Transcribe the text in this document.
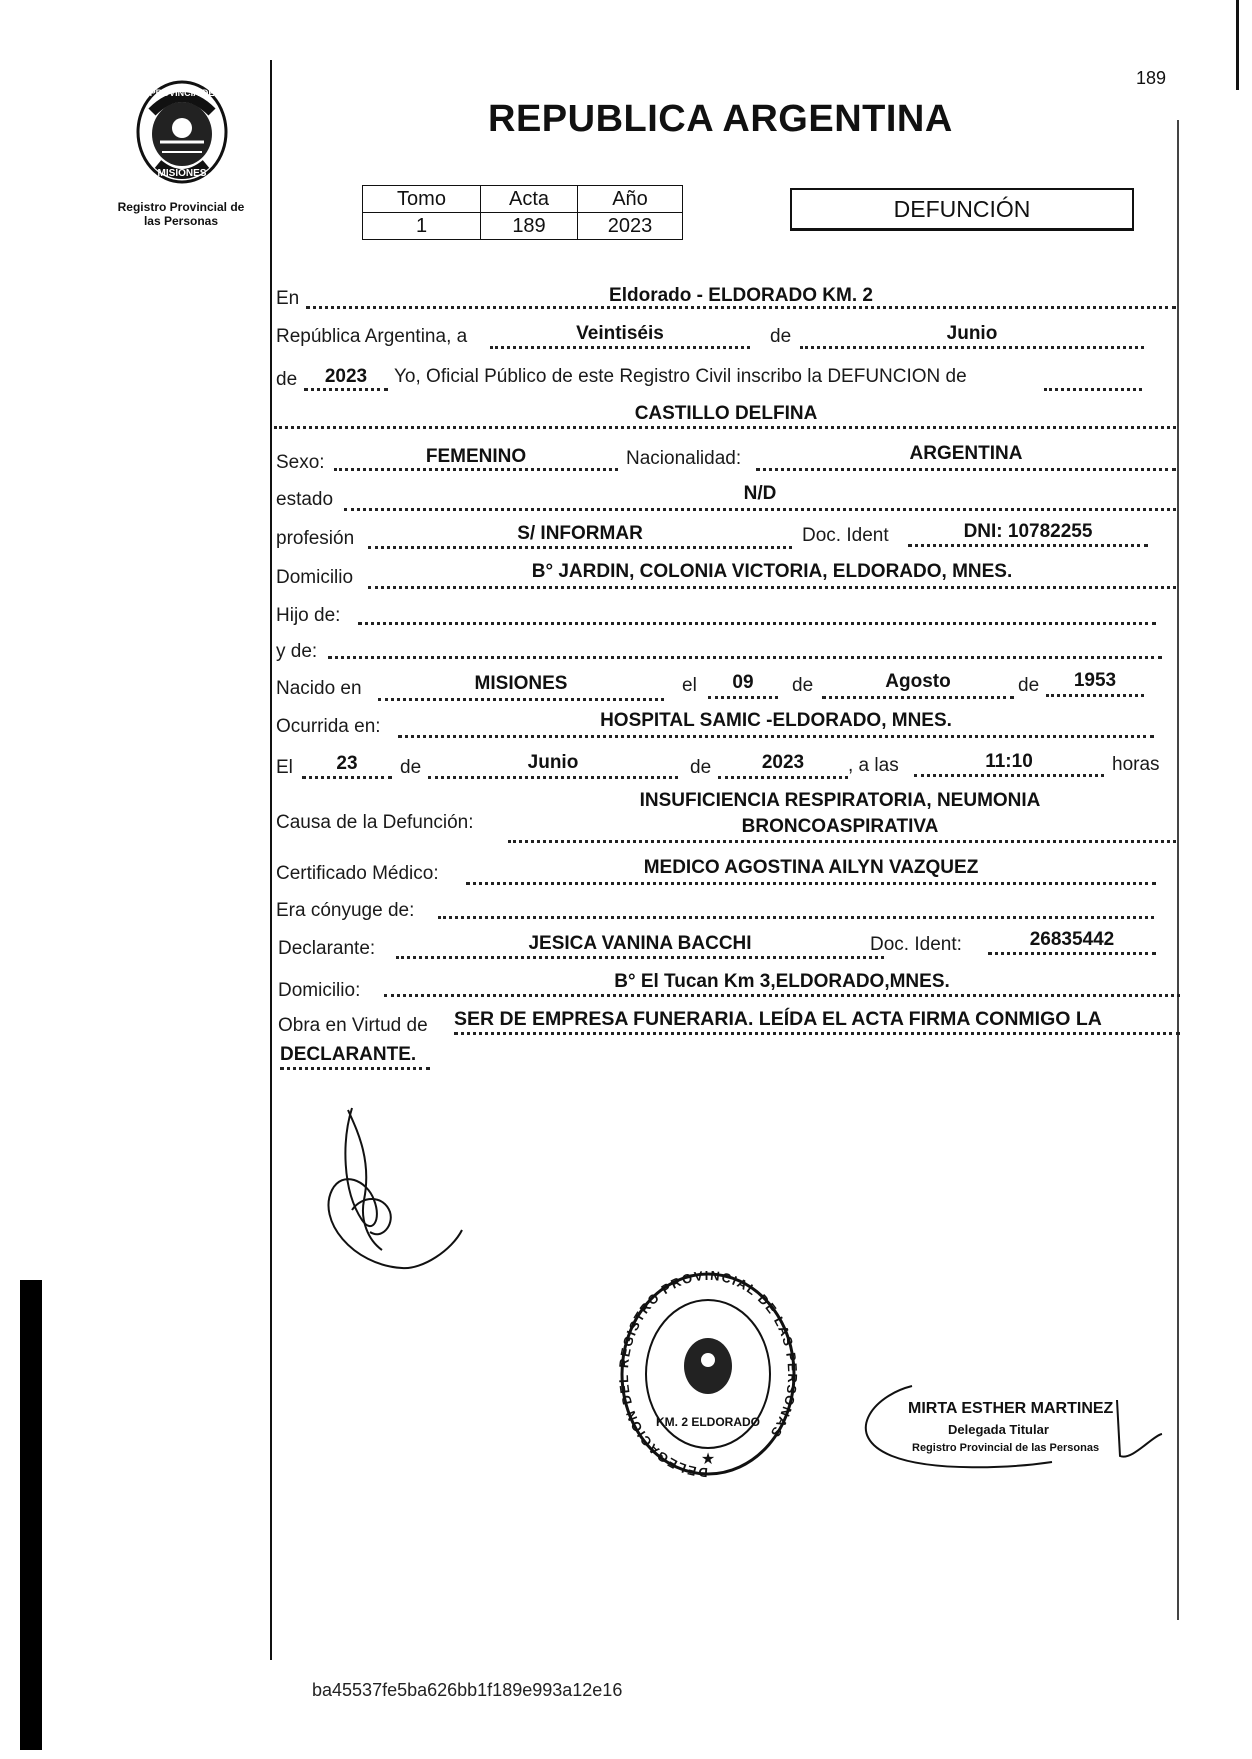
189
PROVINCIA DE
MISIONES
Registro Provincial de
las Personas
REPUBLICA ARGENTINA
Tomo	Acta	Año
1	189	2023
DEFUNCIÓN
En	Eldorado - ELDORADO KM. 2
República Argentina, a	Veintiséis	de	Junio
de	2023	Yo, Oficial Público de este Registro Civil inscribo la DEFUNCION de
CASTILLO DELFINA
Sexo:	FEMENINO	Nacionalidad:	ARGENTINA
estado	N/D
profesión	S/ INFORMAR	Doc. Ident	DNI: 10782255
Domicilio	B° JARDIN, COLONIA VICTORIA, ELDORADO, MNES.
Hijo de:
y de:
Nacido en	MISIONES	el	09	de	Agosto	de	1953
Ocurrida en:	HOSPITAL SAMIC -ELDORADO, MNES.
El	23	de	Junio	de	2023	, a las	11:10	horas
Causa de la Defunción:
INSUFICIENCIA RESPIRATORIA, NEUMONIA
BRONCOASPIRATIVA
Certificado Médico:	MEDICO AGOSTINA AILYN VAZQUEZ
Era cónyuge de:
Declarante:	JESICA VANINA BACCHI	Doc. Ident:	26835442
Domicilio:	B° El Tucan Km 3,ELDORADO,MNES.
Obra en Virtud de SER DE EMPRESA FUNERARIA. LEÍDA EL ACTA FIRMA CONMIGO LA
DECLARANTE.
DELEGACION D EGISTRO PROVINCIAL DE LAS P SONAS
KM. 2 ELDORADO
★
MIRTA ESTHER MARTINEZ
Delegada Titular
Registro Provincial de las Personas
ba45537fe5ba626bb1f189e993a12e16
